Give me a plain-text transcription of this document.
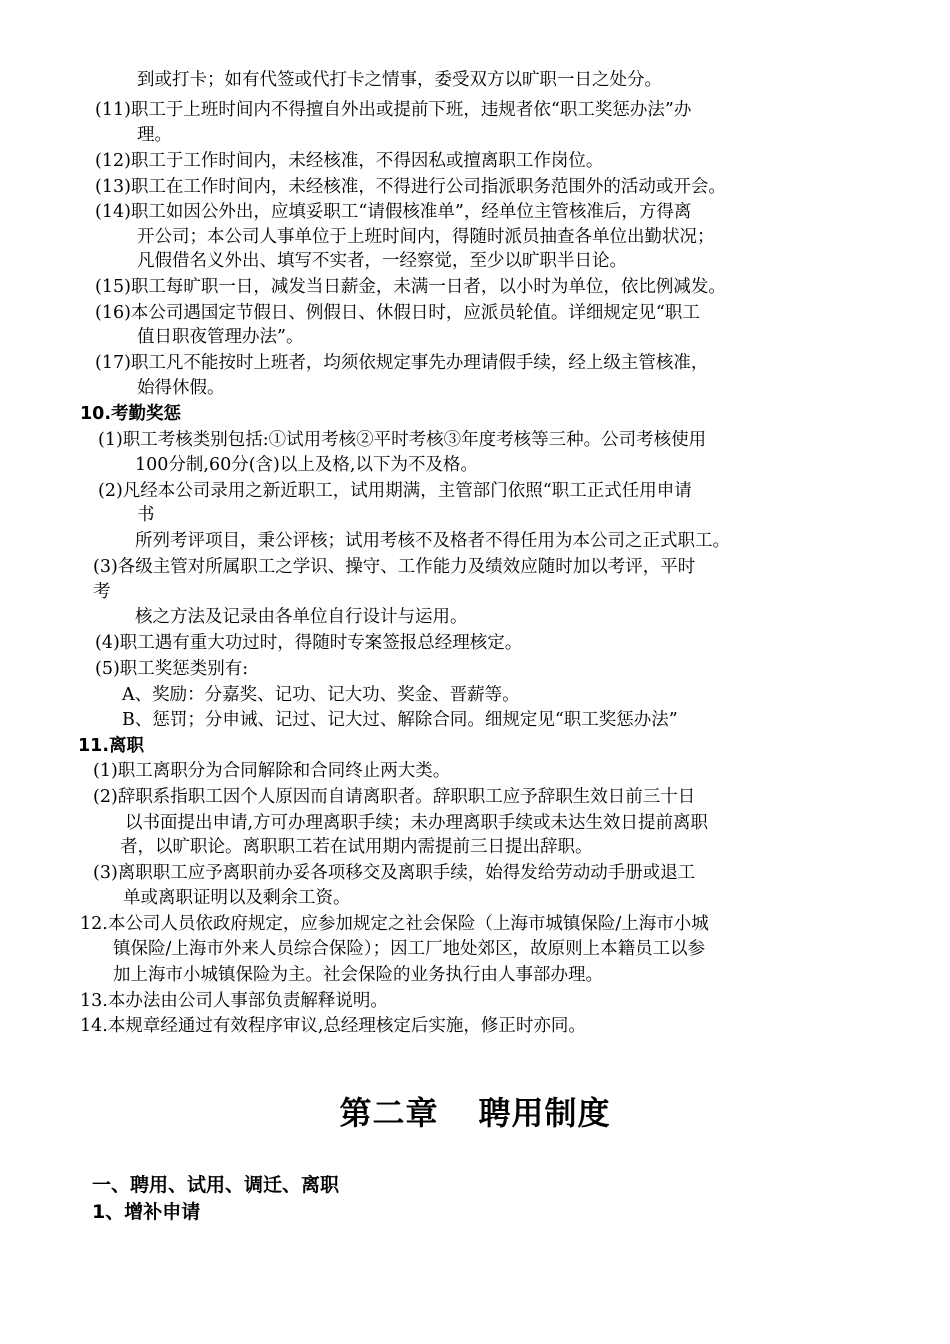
到或打卡；如有代签或代打卡之情事，委受双方以旷职一日之处分。
(11)职工于上班时间内不得擅自外出或提前下班，违规者依“职工奖惩办法”办
理。
(12)职工于工作时间内，未经核准，不得因私或擅离职工作岗位。
(13)职工在工作时间内，未经核准，不得进行公司指派职务范围外的活动或开会。
(14)职工如因公外出，应填妥职工“请假核准单”，经单位主管核准后，方得离
开公司；本公司人事单位于上班时间内，得随时派员抽查各单位出勤状况；
凡假借名义外出、填写不实者，一经察觉，至少以旷职半日论。
(15)职工每旷职一日，减发当日薪金，未满一日者，以小时为单位，依比例减发。
(16)本公司遇国定节假日、例假日、休假日时，应派员轮值。详细规定见“职工
值日职夜管理办法”。
(17)职工凡不能按时上班者，均须依规定事先办理请假手续，经上级主管核准，
始得休假。
10.考勤奖惩
(1)职工考核类别包括:①试用考核②平时考核③年度考核等三种。公司考核使用
100分制,60分(含)以上及格,以下为不及格。
(2)凡经本公司录用之新近职工，试用期满，主管部门依照“职工正式任用申请
书
所列考评项目，秉公评核；试用考核不及格者不得任用为本公司之正式职工。
(3)各级主管对所属职工之学识、操守、工作能力及绩效应随时加以考评，平时
考
核之方法及记录由各单位自行设计与运用。
(4)职工遇有重大功过时，得随时专案签报总经理核定。
(5)职工奖惩类别有:
A、奖励：分嘉奖、记功、记大功、奖金、晋薪等。
B、惩罚；分申诫、记过、记大过、解除合同。细规定见“职工奖惩办法”
11.离职
(1)职工离职分为合同解除和合同终止两大类。
(2)辞职系指职工因个人原因而自请离职者。辞职职工应予辞职生效日前三十日
以书面提出申请,方可办理离职手续；未办理离职手续或未达生效日提前离职
者，以旷职论。离职职工若在试用期内需提前三日提出辞职。
(3)离职职工应予离职前办妥各项移交及离职手续，始得发给劳动动手册或退工
单或离职证明以及剩余工资。
12.本公司人员依政府规定，应参加规定之社会保险（上海市城镇保险/上海市小城
镇保险/上海市外来人员综合保险）；因工厂地处郊区，故原则上本籍员工以参
加上海市小城镇保险为主。社会保险的业务执行由人事部办理。
13.本办法由公司人事部负责解释说明。
14.本规章经通过有效程序审议,总经理核定后实施，修正时亦同。
第二章 聘用制度
一、聘用、试用、调迁、离职
1、增补申请
